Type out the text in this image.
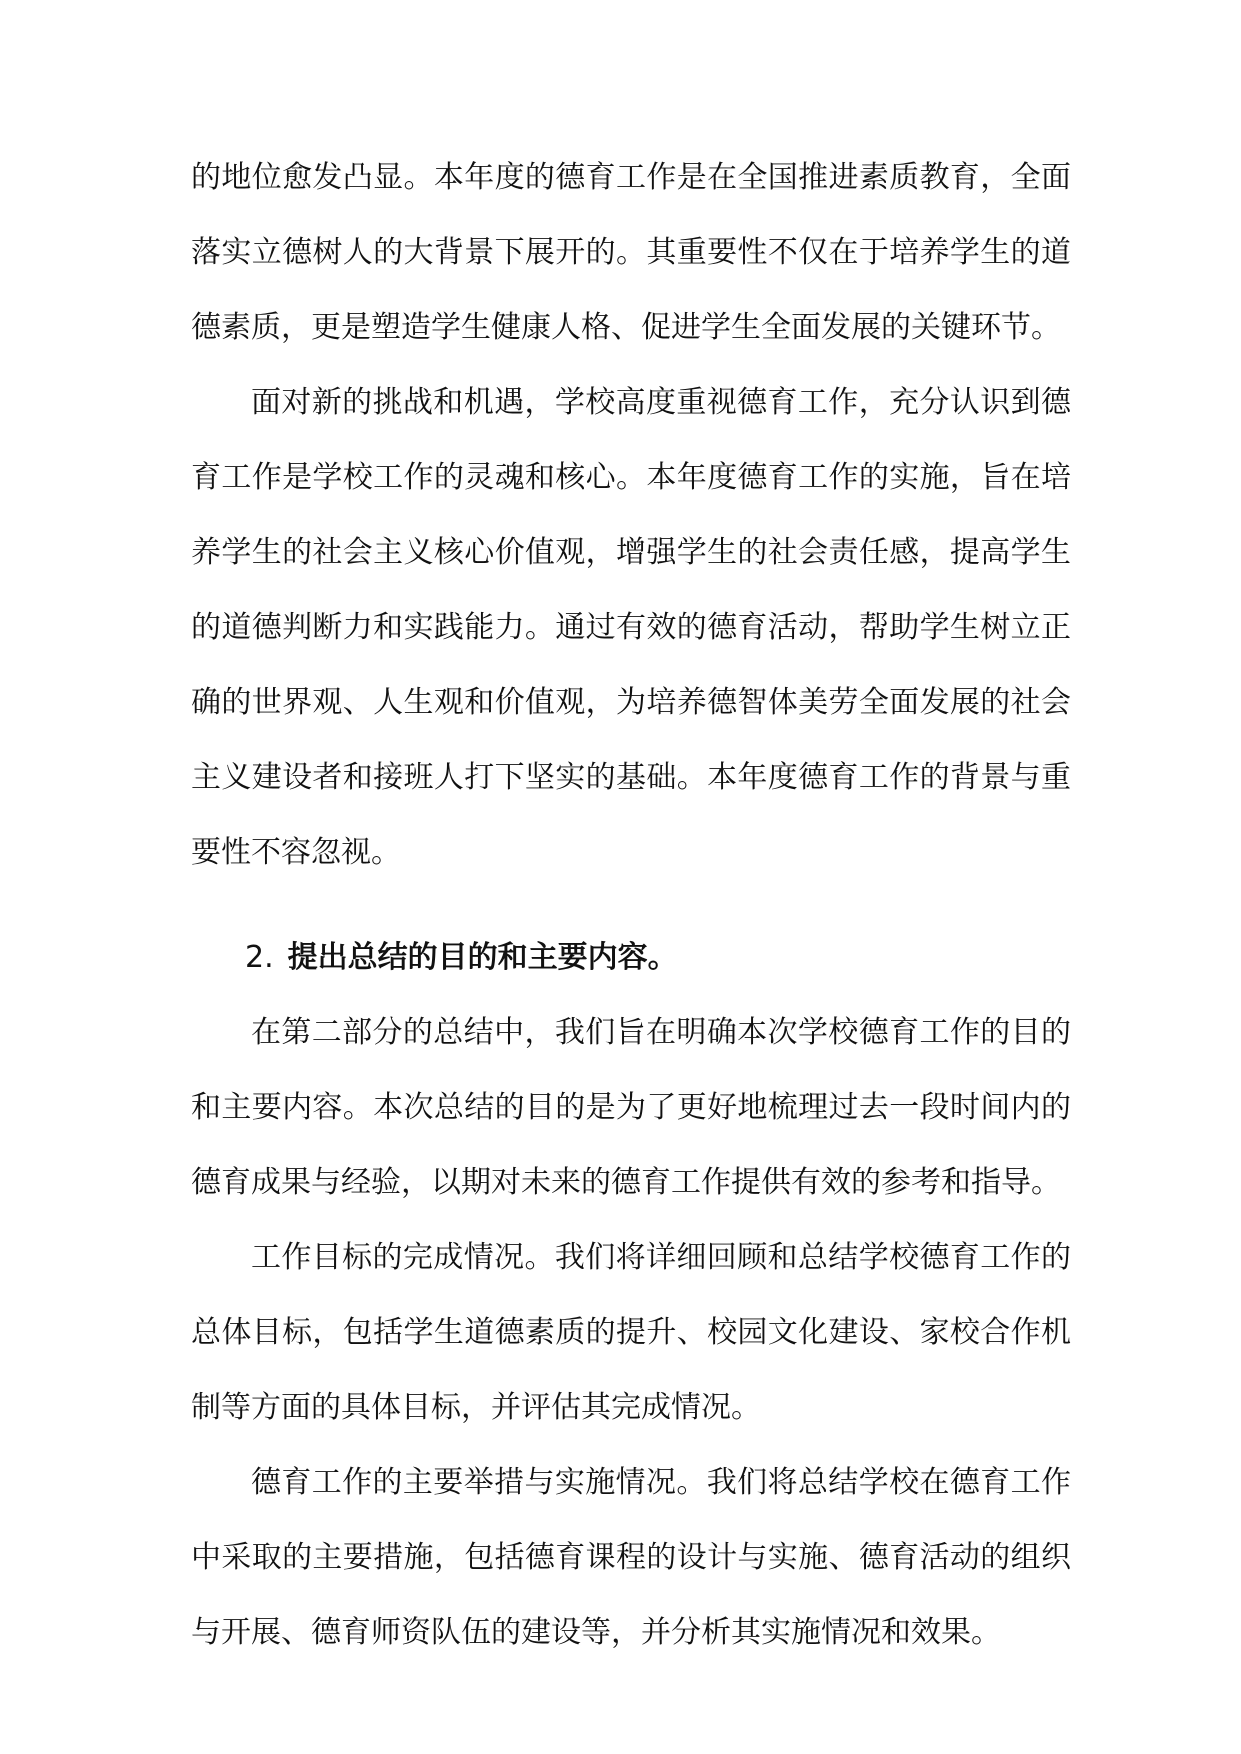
的地位愈发凸显。本年度的德育工作是在全国推进素质教育，全面落实立德树人的大背景下展开的。其重要性不仅在于培养学生的道德素质，更是塑造学生健康人格、促进学生全面发展的关键环节。

面对新的挑战和机遇，学校高度重视德育工作，充分认识到德育工作是学校工作的灵魂和核心。本年度德育工作的实施，旨在培养学生的社会主义核心价值观，增强学生的社会责任感，提高学生的道德判断力和实践能力。通过有效的德育活动，帮助学生树立正确的世界观、人生观和价值观，为培养德智体美劳全面发展的社会主义建设者和接班人打下坚实的基础。本年度德育工作的背景与重要性不容忽视。

2. 提出总结的目的和主要内容。

在第二部分的总结中，我们旨在明确本次学校德育工作的目的和主要内容。本次总结的目的是为了更好地梳理过去一段时间内的德育成果与经验，以期对未来的德育工作提供有效的参考和指导。

工作目标的完成情况。我们将详细回顾和总结学校德育工作的总体目标，包括学生道德素质的提升、校园文化建设、家校合作机制等方面的具体目标，并评估其完成情况。

德育工作的主要举措与实施情况。我们将总结学校在德育工作中采取的主要措施，包括德育课程的设计与实施、德育活动的组织与开展、德育师资队伍的建设等，并分析其实施情况和效果。
